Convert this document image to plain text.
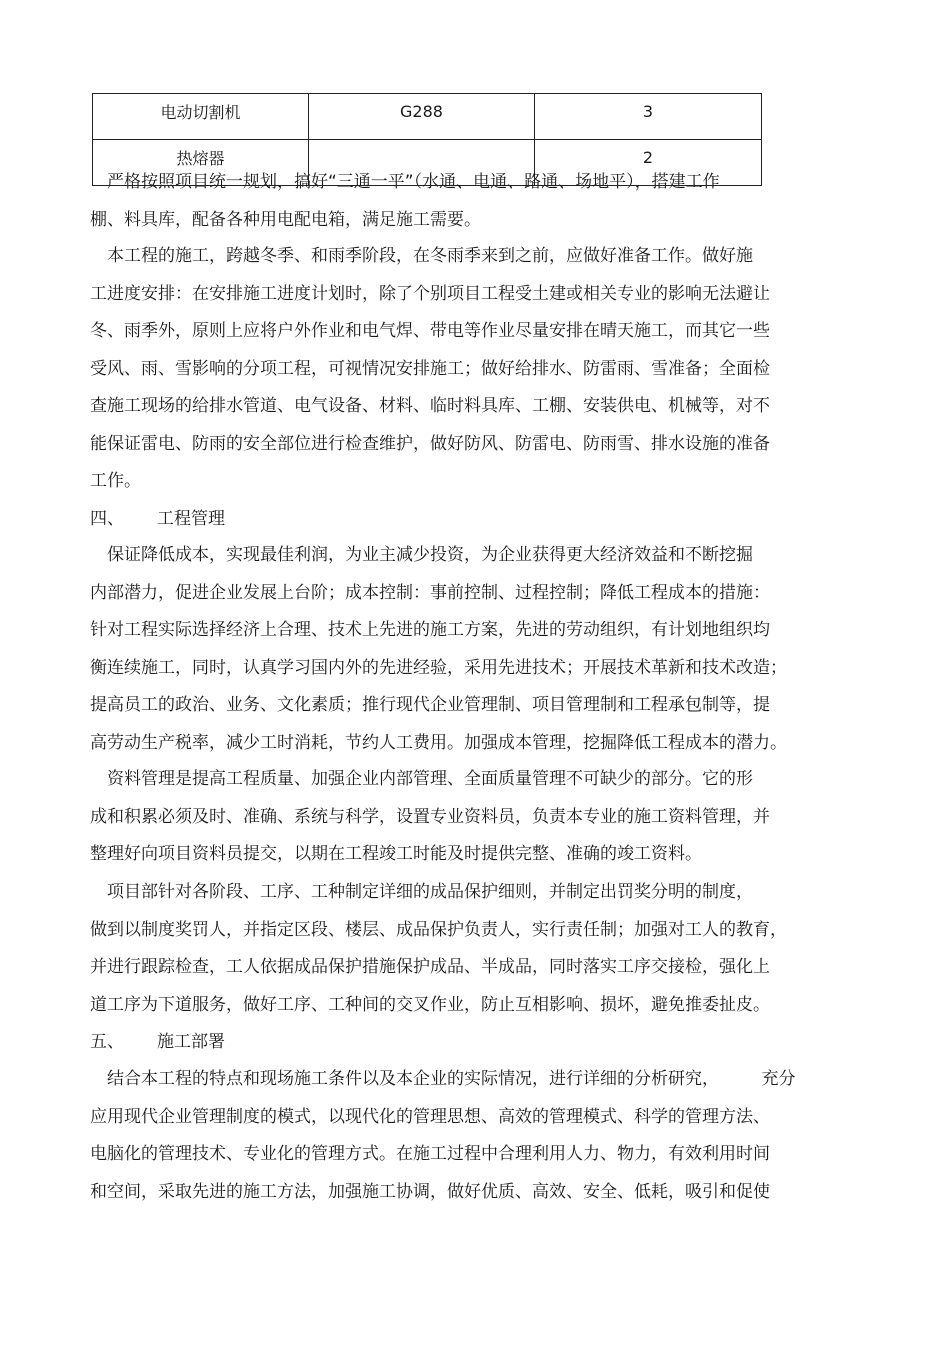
电动切割机	G288	3
热熔器		2
　严格按照项目统一规划，搞好“三通一平”（水通、电通、路通、场地平），搭建工作
棚、料具库，配备各种用电配电箱，满足施工需要。
　本工程的施工，跨越冬季、和雨季阶段，在冬雨季来到之前，应做好准备工作。做好施
工进度安排：在安排施工进度计划时，除了个别项目工程受土建或相关专业的影响无法避让
冬、雨季外，原则上应将户外作业和电气焊、带电等作业尽量安排在晴天施工，而其它一些
受风、雨、雪影响的分项工程，可视情况安排施工；做好给排水、防雷雨、雪准备；全面检
查施工现场的给排水管道、电气设备、材料、临时料具库、工棚、安装供电、机械等，对不
能保证雷电、防雨的安全部位进行检查维护，做好防风、防雷电、防雨雪、排水设施的准备
工作。
四、 工程管理
　保证降低成本，实现最佳利润，为业主减少投资，为企业获得更大经济效益和不断挖掘
内部潜力，促进企业发展上台阶；成本控制：事前控制、过程控制；降低工程成本的措施：
针对工程实际选择经济上合理、技术上先进的施工方案，先进的劳动组织，有计划地组织均
衡连续施工，同时，认真学习国内外的先进经验，采用先进技术；开展技术革新和技术改造；
提高员工的政治、业务、文化素质；推行现代企业管理制、项目管理制和工程承包制等，提
高劳动生产税率，减少工时消耗，节约人工费用。加强成本管理，挖掘降低工程成本的潜力。
　资料管理是提高工程质量、加强企业内部管理、全面质量管理不可缺少的部分。它的形
成和积累必须及时、准确、系统与科学，设置专业资料员，负责本专业的施工资料管理，并
整理好向项目资料员提交，以期在工程竣工时能及时提供完整、准确的竣工资料。
　项目部针对各阶段、工序、工种制定详细的成品保护细则，并制定出罚奖分明的制度，
做到以制度奖罚人，并指定区段、楼层、成品保护负责人，实行责任制；加强对工人的教育，
并进行跟踪检查，工人依据成品保护措施保护成品、半成品，同时落实工序交接检，强化上
道工序为下道服务，做好工序、工种间的交叉作业，防止互相影响、损坏，避免推委扯皮。
五、 施工部署
　结合本工程的特点和现场施工条件以及本企业的实际情况，进行详细的分析研究，　　　充分
应用现代企业管理制度的模式，以现代化的管理思想、高效的管理模式、科学的管理方法、
电脑化的管理技术、专业化的管理方式。在施工过程中合理利用人力、物力，有效利用时间
和空间，采取先进的施工方法，加强施工协调，做好优质、高效、安全、低耗，吸引和促使
